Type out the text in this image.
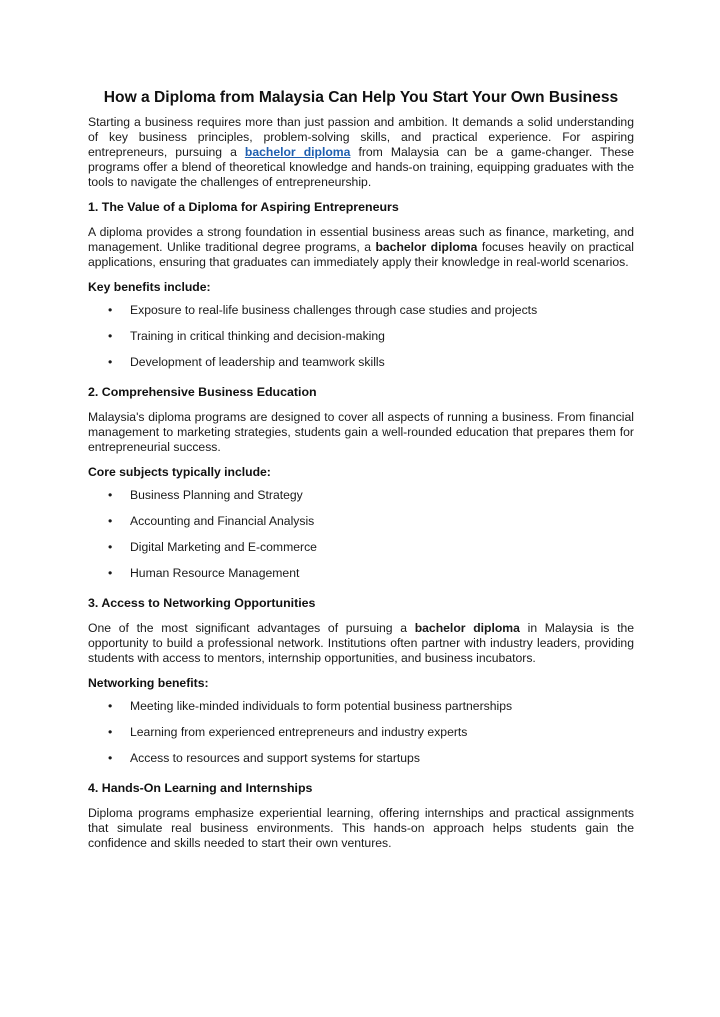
How a Diploma from Malaysia Can Help You Start Your Own Business

Starting a business requires more than just passion and ambition. It demands a solid understanding of key business principles, problem-solving skills, and practical experience. For aspiring entrepreneurs, pursuing a bachelor diploma from Malaysia can be a game-changer. These programs offer a blend of theoretical knowledge and hands-on training, equipping graduates with the tools to navigate the challenges of entrepreneurship.

1. The Value of a Diploma for Aspiring Entrepreneurs

A diploma provides a strong foundation in essential business areas such as finance, marketing, and management. Unlike traditional degree programs, a bachelor diploma focuses heavily on practical applications, ensuring that graduates can immediately apply their knowledge in real-world scenarios.

Key benefits include:
• Exposure to real-life business challenges through case studies and projects
• Training in critical thinking and decision-making
• Development of leadership and teamwork skills
2. Comprehensive Business Education

Malaysia's diploma programs are designed to cover all aspects of running a business. From financial management to marketing strategies, students gain a well-rounded education that prepares them for entrepreneurial success.

Core subjects typically include:
• Business Planning and Strategy
• Accounting and Financial Analysis
• Digital Marketing and E-commerce
• Human Resource Management
3. Access to Networking Opportunities

One of the most significant advantages of pursuing a bachelor diploma in Malaysia is the opportunity to build a professional network. Institutions often partner with industry leaders, providing students with access to mentors, internship opportunities, and business incubators.

Networking benefits:
• Meeting like-minded individuals to form potential business partnerships
• Learning from experienced entrepreneurs and industry experts
• Access to resources and support systems for startups
4. Hands-On Learning and Internships

Diploma programs emphasize experiential learning, offering internships and practical assignments that simulate real business environments. This hands-on approach helps students gain the confidence and skills needed to start their own ventures.
